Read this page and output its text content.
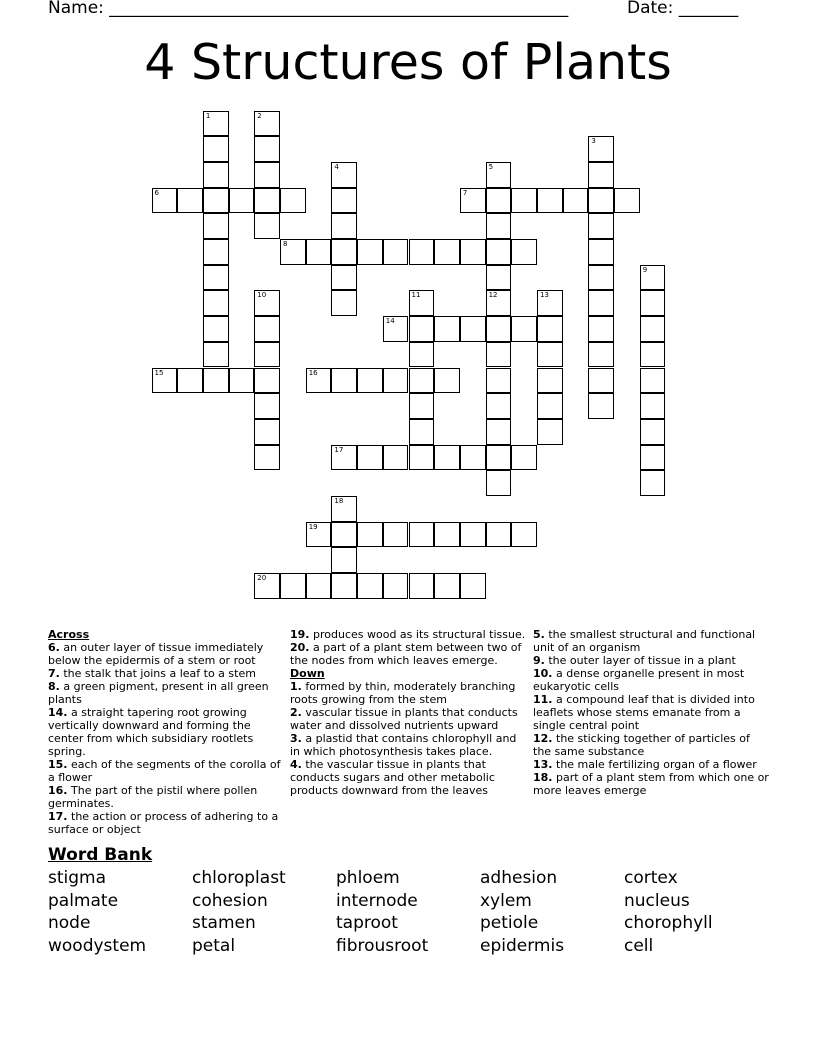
Name: ______________________________________________________	Date: _______
4 Structures of Plants
1	2
3
4	5
6	7
8
9
10	11	12	13
14
15	16
17
18
19
20
Across

6. an outer layer of tissue immediately below the epidermis of a stem or root

7. the stalk that joins a leaf to a stem

8. a green pigment, present in all green plants

14. a straight tapering root growing vertically downward and forming the center from which subsidiary rootlets spring.

15. each of the segments of the corolla of a flower

16. The part of the pistil where pollen germinates.

17. the action or process of adhering to a surface or object

19. produces wood as its structural tissue.

20. a part of a plant stem between two of the nodes from which leaves emerge.

Down

1. formed by thin, moderately branching roots growing from the stem

2. vascular tissue in plants that conducts water and dissolved nutrients upward

3. a plastid that contains chlorophyll and in which photosynthesis takes place.

4. the vascular tissue in plants that conducts sugars and other metabolic products downward from the leaves

5. the smallest structural and functional unit of an organism

9. the outer layer of tissue in a plant

10. a dense organelle present in most eukaryotic cells

11. a compound leaf that is divided into leaflets whose stems emanate from a single central point

12. the sticking together of particles of the same substance

13. the male fertilizing organ of a flower

18. part of a plant stem from which one or more leaves emerge

Word Bank
stigma	chloroplast	phloem	adhesion	cortex
palmate	cohesion	internode	xylem	nucleus
node	stamen	taproot	petiole	chorophyll
woodystem	petal	fibrousroot	epidermis	cell
